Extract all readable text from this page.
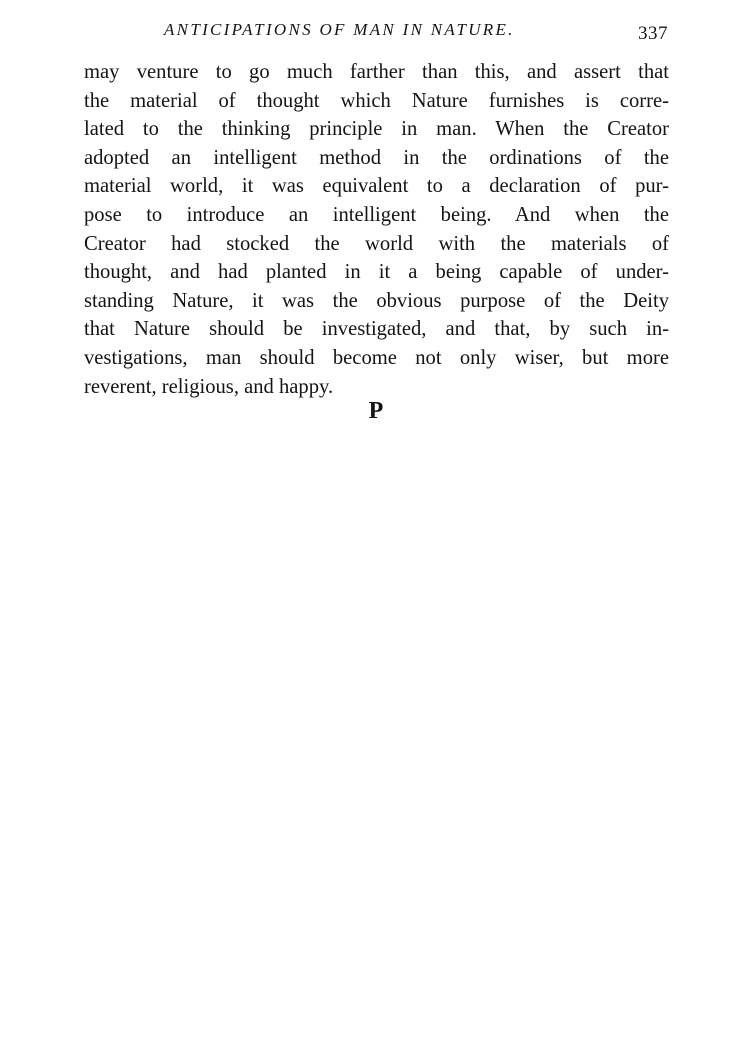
ANTICIPATIONS OF MAN IN NATURE.	337

may venture to go much farther than this, and assert that
the material of thought which Nature furnishes is corre-
lated to the thinking principle in man. When the Creator
adopted an intelligent method in the ordinations of the
material world, it was equivalent to a declaration of pur-
pose to introduce an intelligent being. And when the
Creator had stocked the world with the materials of
thought, and had planted in it a being capable of under-
standing Nature, it was the obvious purpose of the Deity
that Nature should be investigated, and that, by such in-
vestigations, man should become not only wiser, but more
reverent, religious, and happy.

P
